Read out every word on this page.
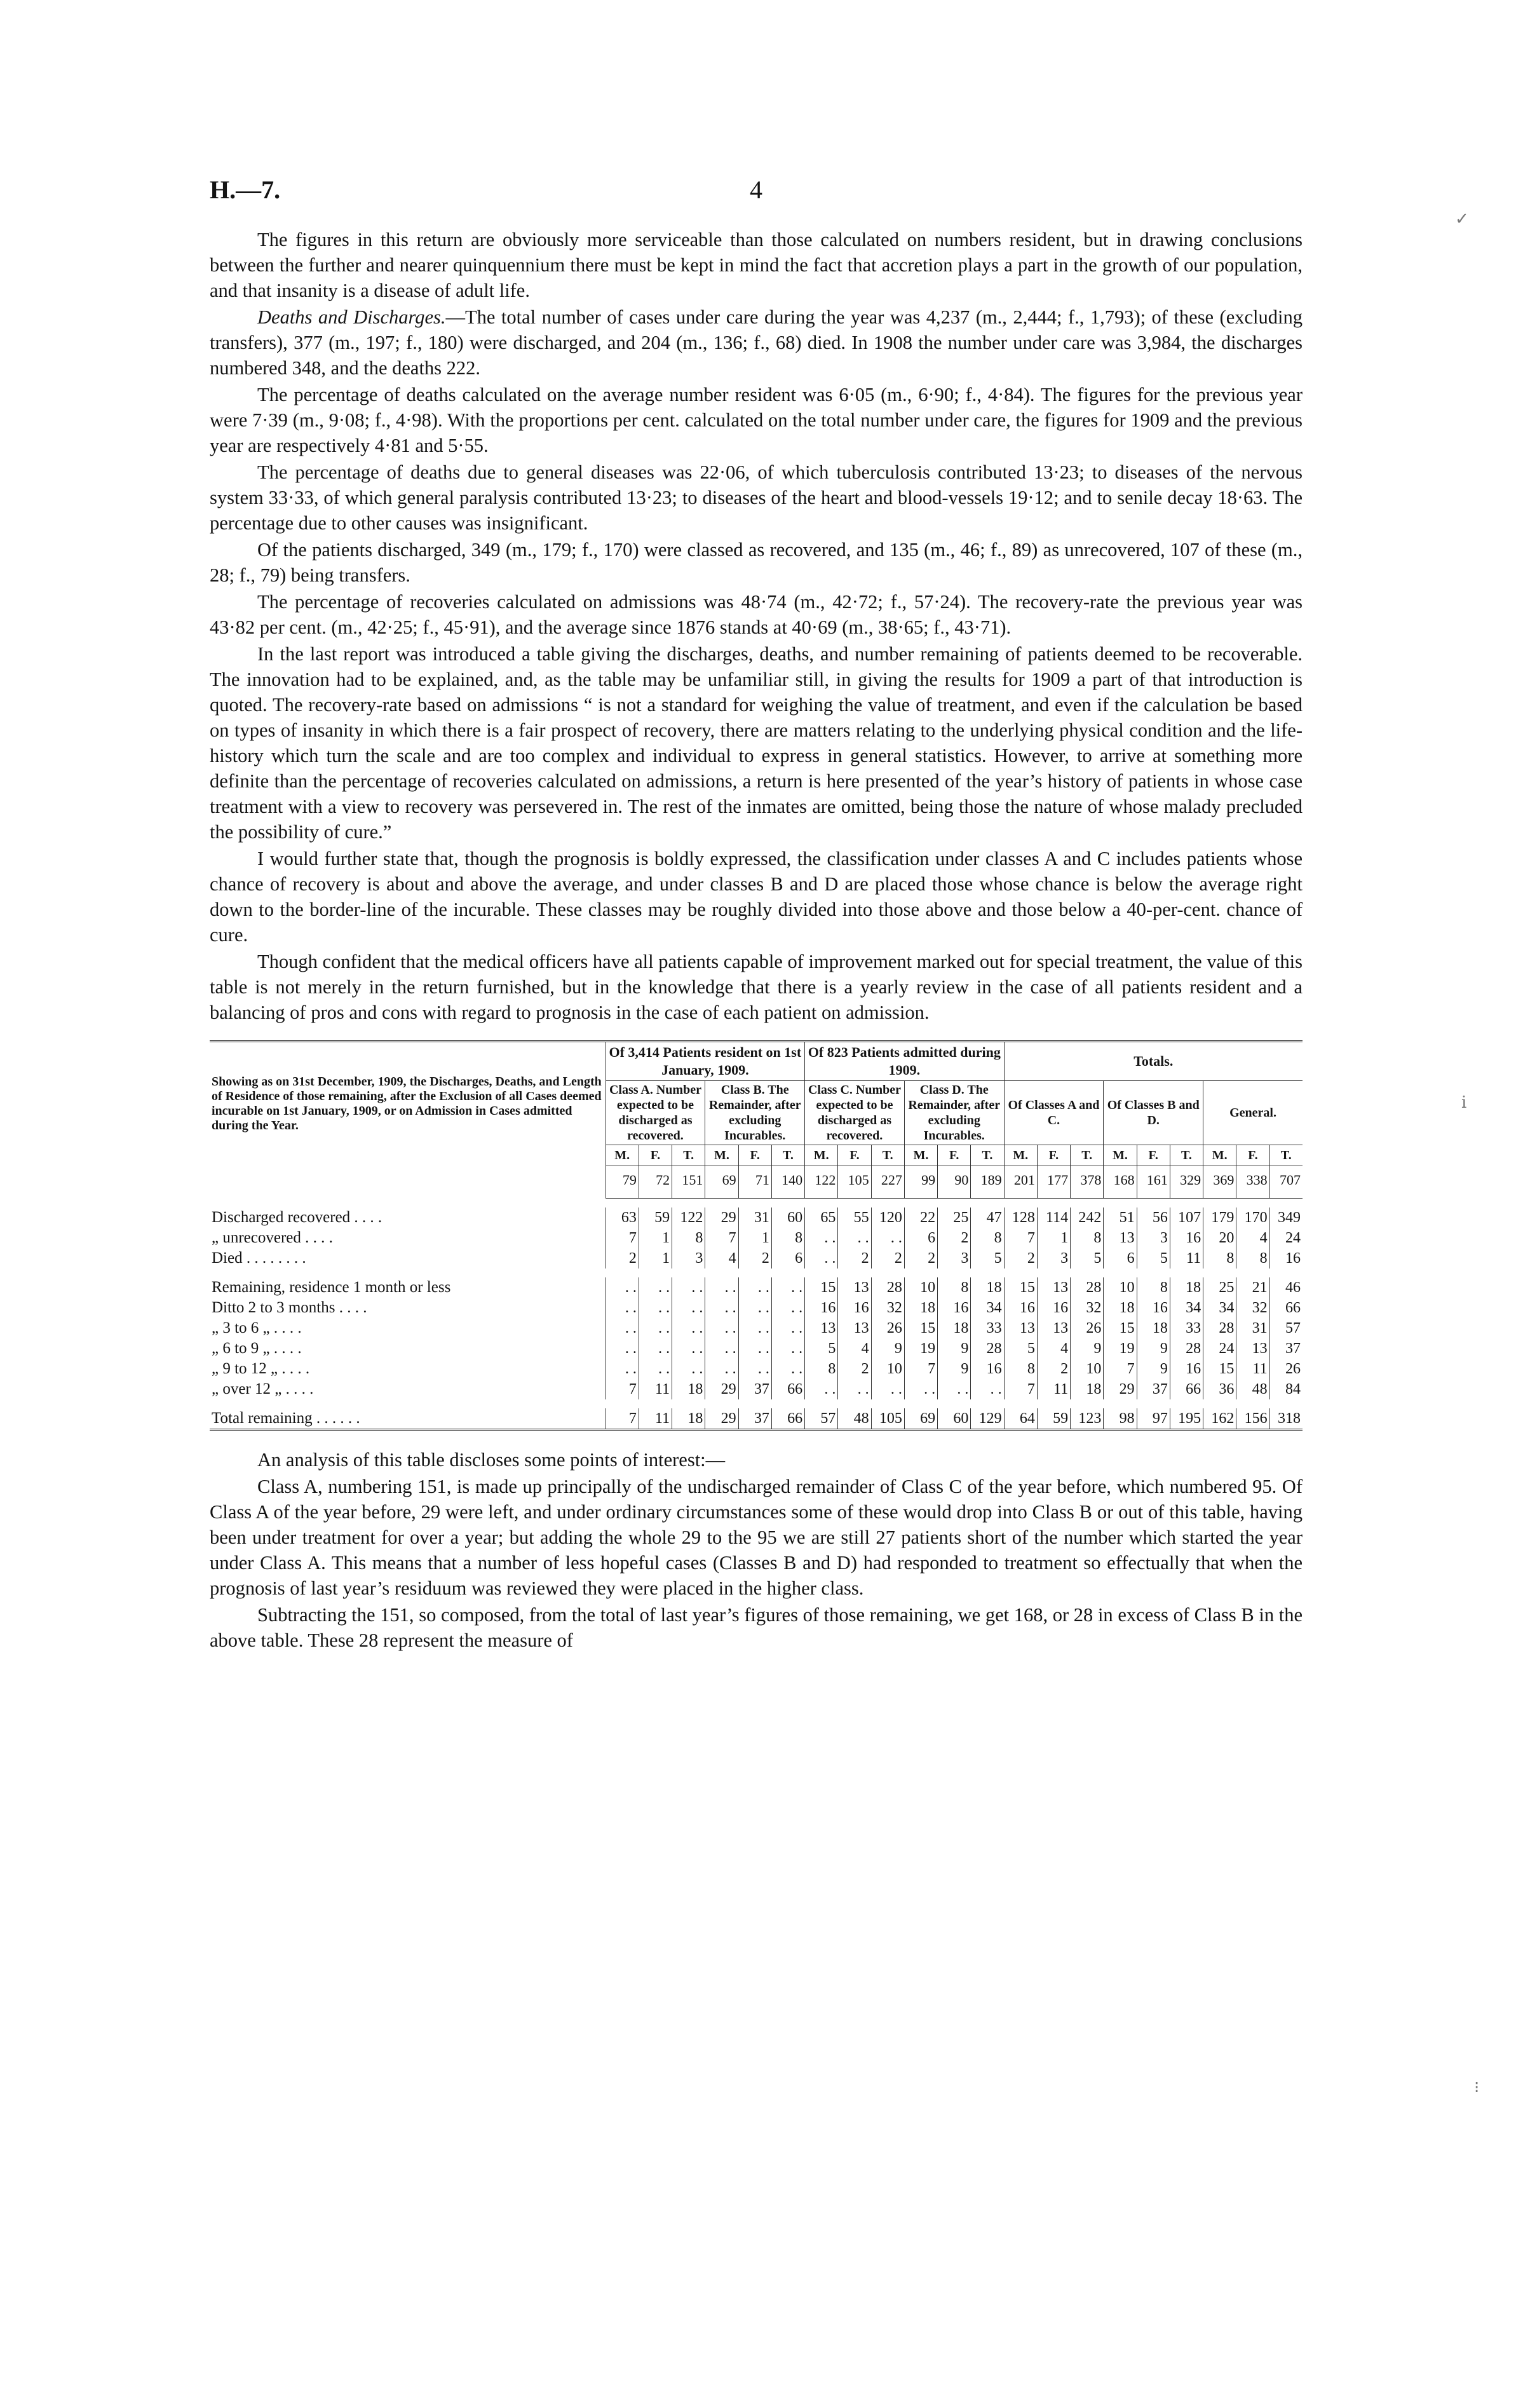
H.—7.	4

The figures in this return are obviously more serviceable than those calculated on numbers resident, but in drawing conclusions between the further and nearer quinquennium there must be kept in mind the fact that accretion plays a part in the growth of our population, and that insanity is a disease of adult life.

Deaths and Discharges.—The total number of cases under care during the year was 4,237 (m., 2,444; f., 1,793); of these (excluding transfers), 377 (m., 197; f., 180) were discharged, and 204 (m., 136; f., 68) died. In 1908 the number under care was 3,984, the discharges numbered 348, and the deaths 222.

The percentage of deaths calculated on the average number resident was 6·05 (m., 6·90; f., 4·84). The figures for the previous year were 7·39 (m., 9·08; f., 4·98). With the proportions per cent. calculated on the total number under care, the figures for 1909 and the previous year are respectively 4·81 and 5·55.

The percentage of deaths due to general diseases was 22·06, of which tuberculosis contributed 13·23; to diseases of the nervous system 33·33, of which general paralysis contributed 13·23; to diseases of the heart and blood-vessels 19·12; and to senile decay 18·63. The percentage due to other causes was insignificant.

Of the patients discharged, 349 (m., 179; f., 170) were classed as recovered, and 135 (m., 46; f., 89) as unrecovered, 107 of these (m., 28; f., 79) being transfers.

The percentage of recoveries calculated on admissions was 48·74 (m., 42·72; f., 57·24). The recovery-rate the previous year was 43·82 per cent. (m., 42·25; f., 45·91), and the average since 1876 stands at 40·69 (m., 38·65; f., 43·71).

In the last report was introduced a table giving the discharges, deaths, and number remaining of patients deemed to be recoverable. The innovation had to be explained, and, as the table may be unfamiliar still, in giving the results for 1909 a part of that introduction is quoted. The recovery-rate based on admissions “ is not a standard for weighing the value of treatment, and even if the calculation be based on types of insanity in which there is a fair prospect of recovery, there are matters relating to the underlying physical condition and the life-history which turn the scale and are too complex and individual to express in general statistics. However, to arrive at something more definite than the percentage of recoveries calculated on admissions, a return is here presented of the year’s history of patients in whose case treatment with a view to recovery was persevered in. The rest of the inmates are omitted, being those the nature of whose malady precluded the possibility of cure.”

I would further state that, though the prognosis is boldly expressed, the classification under classes A and C includes patients whose chance of recovery is about and above the average, and under classes B and D are placed those whose chance is below the average right down to the border-line of the incurable. These classes may be roughly divided into those above and those below a 40-per-cent. chance of cure.

Though confident that the medical officers have all patients capable of improvement marked out for special treatment, the value of this table is not merely in the return furnished, but in the knowledge that there is a yearly review in the case of all patients resident and a balancing of pros and cons with regard to prognosis in the case of each patient on admission.

Showing as on 31st December, 1909, the Discharges, Deaths, and Length of Residence of those remaining, after the Exclusion of all Cases deemed incurable on 1st January, 1909, or on Admission in Cases admitted during the Year.	Of 3,414 Patients resident on 1st January, 1909.						Of 823 Patients admitted during 1909.						Totals.								
	Class A. Number expected to be discharged as recovered.			Class B. The Remainder, after excluding Incurables.			Class C. Number expected to be discharged as recovered.			Class D. The Remainder, after excluding Incurables.			Of Classes A and C.			Of Classes B and D.			General.		
	M.	F.	T.	M.	F.	T.	M.	F.	T.	M.	F.	T.	M.	F.	T.	M.	F.	T.	M.	F.	T.
	79	72	151	69	71	140	122	105	227	99	90	189	201	177	378	168	161	329	369	338	707

Discharged recovered . . . .	63	59	122	29	31	60	65	55	120	22	25	47	128	114	242	51	56	107	179	170	349
„ unrecovered . . . .	7	1	8	7	1	8	. .	. .	. .	6	2	8	7	1	8	13	3	16	20	4	24
Died . . . . . . . .	2	1	3	4	2	6	. .	2	2	2	3	5	2	3	5	6	5	11	8	8	16

Remaining, residence 1 month or less	. .	. .	. .	. .	. .	. .	15	13	28	10	8	18	15	13	28	10	8	18	25	21	46
Ditto 2 to 3 months . . . .	. .	. .	. .	. .	. .	. .	16	16	32	18	16	34	16	16	32	18	16	34	34	32	66
„ 3 to 6 „ . . . .	. .	. .	. .	. .	. .	. .	13	13	26	15	18	33	13	13	26	15	18	33	28	31	57
„ 6 to 9 „ . . . .	. .	. .	. .	. .	. .	. .	5	4	9	19	9	28	5	4	9	19	9	28	24	13	37
„ 9 to 12 „ . . . .	. .	. .	. .	. .	. .	. .	8	2	10	7	9	16	8	2	10	7	9	16	15	11	26
„ over 12 „ . . . .	7	11	18	29	37	66	. .	. .	. .	. .	. .	. .	7	11	18	29	37	66	36	48	84

Total remaining . . . . . .	7	11	18	29	37	66	57	48	105	69	60	129	64	59	123	98	97	195	162	156	318

An analysis of this table discloses some points of interest:—

Class A, numbering 151, is made up principally of the undischarged remainder of Class C of the year before, which numbered 95. Of Class A of the year before, 29 were left, and under ordinary circumstances some of these would drop into Class B or out of this table, having been under treatment for over a year; but adding the whole 29 to the 95 we are still 27 patients short of the number which started the year under Class A. This means that a number of less hopeful cases (Classes B and D) had responded to treatment so effectually that when the prognosis of last year’s residuum was reviewed they were placed in the higher class.

Subtracting the 151, so composed, from the total of last year’s figures of those remaining, we get 168, or 28 in excess of Class B in the above table. These 28 represent the measure of

✓
ⅰ
⁝
